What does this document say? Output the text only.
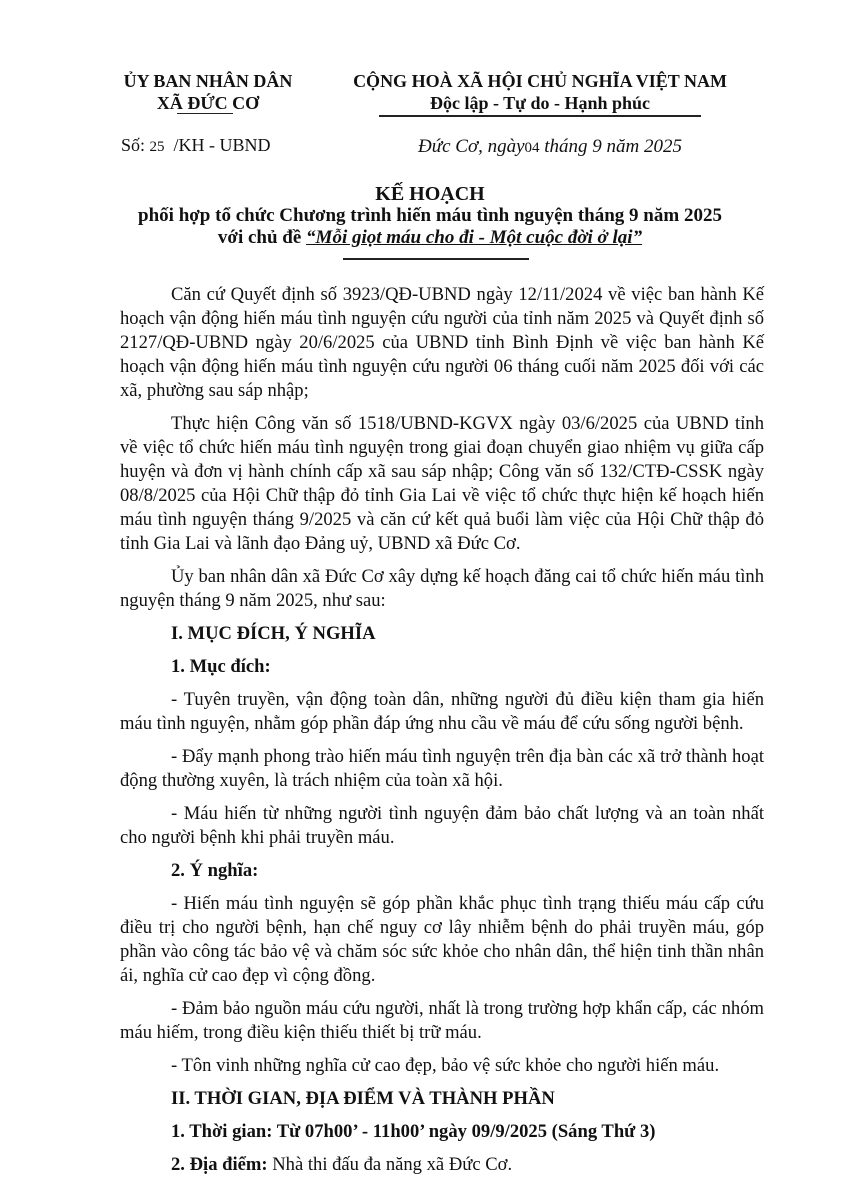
ỦY BAN NHÂN DÂN
XÃ ĐỨC CƠ
CỘNG HOÀ XÃ HỘI CHỦ NGHĨA VIỆT NAM
Độc lập - Tự do - Hạnh phúc
Số: 25 /KH - UBND	Đức Cơ, ngày04 tháng 9 năm 2025
KẾ HOẠCH
phối hợp tổ chức Chương trình hiến máu tình nguyện tháng 9 năm 2025
với chủ đề “Mỗi giọt máu cho đi - Một cuộc đời ở lại”

Căn cứ Quyết định số 3923/QĐ-UBND ngày 12/11/2024 về việc ban hành Kế hoạch vận động hiến máu tình nguyện cứu người của tỉnh năm 2025 và Quyết định số 2127/QĐ-UBND ngày 20/6/2025 của UBND tỉnh Bình Định về việc ban hành Kế hoạch vận động hiến máu tình nguyện cứu người 06 tháng cuối năm 2025 đối với các xã, phường sau sáp nhập;

Thực hiện Công văn số 1518/UBND-KGVX ngày 03/6/2025 của UBND tỉnh về việc tổ chức hiến máu tình nguyện trong giai đoạn chuyển giao nhiệm vụ giữa cấp huyện và đơn vị hành chính cấp xã sau sáp nhập; Công văn số 132/CTĐ-CSSK ngày 08/8/2025 của Hội Chữ thập đỏ tỉnh Gia Lai về việc tổ chức thực hiện kế hoạch hiến máu tình nguyện tháng 9/2025 và căn cứ kết quả buổi làm việc của Hội Chữ thập đỏ tỉnh Gia Lai và lãnh đạo Đảng uỷ, UBND xã Đức Cơ.

Ủy ban nhân dân xã Đức Cơ xây dựng kế hoạch đăng cai tổ chức hiến máu tình nguyện tháng 9 năm 2025, như sau:

I. MỤC ĐÍCH, Ý NGHĨA

1. Mục đích:

- Tuyên truyền, vận động toàn dân, những người đủ điều kiện tham gia hiến máu tình nguyện, nhằm góp phần đáp ứng nhu cầu về máu để cứu sống người bệnh.

- Đẩy mạnh phong trào hiến máu tình nguyện trên địa bàn các xã trở thành hoạt động thường xuyên, là trách nhiệm của toàn xã hội.

- Máu hiến từ những người tình nguyện đảm bảo chất lượng và an toàn nhất cho người bệnh khi phải truyền máu.

2. Ý nghĩa:

- Hiến máu tình nguyện sẽ góp phần khắc phục tình trạng thiếu máu cấp cứu điều trị cho người bệnh, hạn chế nguy cơ lây nhiễm bệnh do phải truyền máu, góp phần vào công tác bảo vệ và chăm sóc sức khỏe cho nhân dân, thể hiện tinh thần nhân ái, nghĩa cử cao đẹp vì cộng đồng.

- Đảm bảo nguồn máu cứu người, nhất là trong trường hợp khẩn cấp, các nhóm máu hiếm, trong điều kiện thiếu thiết bị trữ máu.

- Tôn vinh những nghĩa cử cao đẹp, bảo vệ sức khỏe cho người hiến máu.

II. THỜI GIAN, ĐỊA ĐIỂM VÀ THÀNH PHẦN

1. Thời gian: Từ 07h00’ - 11h00’ ngày 09/9/2025 (Sáng Thứ 3)

2. Địa điểm: Nhà thi đấu đa năng xã Đức Cơ.
